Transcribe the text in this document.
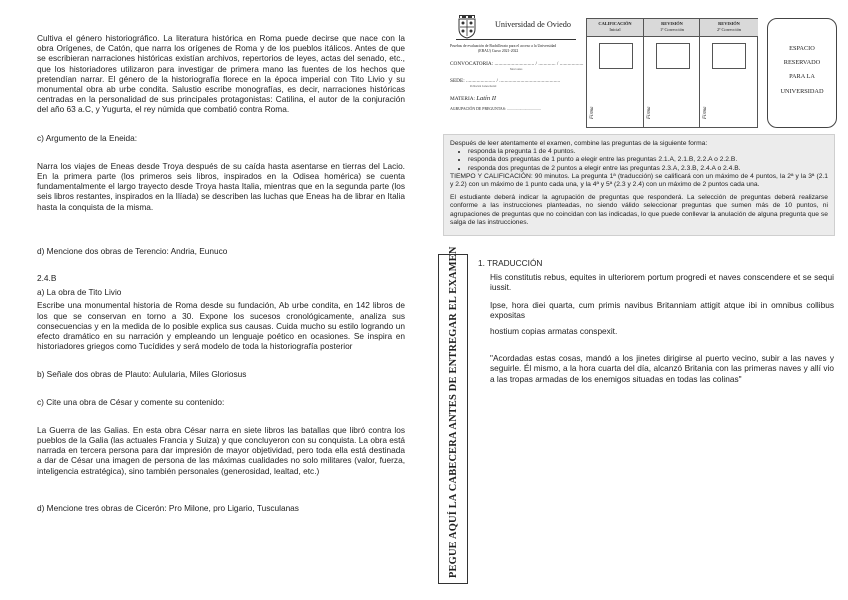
Cultiva el género historiográfico. La literatura histórica en Roma puede decirse que nace con la obra Orígenes, de Catón, que narra los orígenes de Roma y de los pueblos itálicos. Antes de que se escribieran narraciones históricas existían archivos, repertorios de leyes, actas del senado, etc., que los historiadores utilizaron para investigar de primera mano las fuentes de los hechos que pretendían narrar. El género de la historiografía florece en la época imperial con Tito Livio y su monumental obra ab urbe condita. Salustio escribe monografías, es decir, narraciones históricas centradas en la personalidad de sus principales protagonistas: Catilina, el autor de la conjuración del año 63 a.C, y Yugurta, el rey númida que combatió contra Roma.

c) Argumento de la Eneida:

Narra los viajes de Eneas desde Troya después de su caída hasta asentarse en tierras del Lacio. En la primera parte (los primeros seis libros, inspirados en la Odisea homérica) se cuenta fundamentalmente el largo trayecto desde Troya hasta Italia, mientras que en la segunda parte (los seis libros restantes, inspirados en la Ilíada) se describen las luchas que Eneas ha de librar en Italia hasta la conquista de la misma.

d) Mencione dos obras de Terencio: Andria, Eunuco

2.4.B

a) La obra de Tito Livio

Escribe una monumental historia de Roma desde su fundación, Ab urbe condita, en 142 libros de los que se conservan en torno a 30. Expone los sucesos cronológicamente, analiza sus consecuencias y en la medida de lo posible explica sus causas. Cuida mucho su estilo logrando un efecto dramático en su narración y empleando un lenguaje poético en ocasiones. Se inspira en historiadores griegos como Tucídides y será modelo de toda la historiografía posterior

b) Señale dos obras de Plauto: Aulularia, Miles Gloriosus

c) Cite una obra de César y comente su contenido:

La Guerra de las Galias. En esta obra César narra en siete libros las batallas que libró contra los pueblos de la Galia (las actuales Francia y Suiza) y que concluyeron con su conquista. La obra está narrada en tercera persona para dar impresión de mayor objetividad, pero toda ella está destinada a dar de César una imagen de persona de las máximas cualidades no solo militares (valor, fuerza, inteligencia estratégica), sino también personales (generosidad, lealtad, etc.)

d) Mencione tres obras de Cicerón: Pro Milone, pro Ligario, Tusculanas

Universidad de Oviedo
Pruebas de evaluación de Bachillerato para el acceso a la Universidad
(EBAU) Curso 2021-2022
CONVOCATORIA: .............................. / ............. / ..................
Mes Lunes
SEDE: ...................... / ..............................................
Población Lunes/Aulad
MATERIA: Latín II
AGRUPACIÓN DE PREGUNTAS: ...................................
CALIFICACIÓN
Inicial
Firma
REVISIÓN
1ª Corrección
Firma
REVISIÓN
2ª Corrección
Firma
ESPACIO
RESERVADO
PARA LA
UNIVERSIDAD

Después de leer atentamente el examen, combine las preguntas de la siguiente forma:

• responda la pregunta 1 de 4 puntos.
• responda dos preguntas de 1 punto a elegir entre las preguntas 2.1.A, 2.1.B, 2.2.A o 2.2.B.
• responda dos preguntas de 2 puntos a elegir entre las preguntas 2.3.A, 2.3.B, 2.4.A o 2.4.B.

TIEMPO Y CALIFICACIÓN: 90 minutos. La pregunta 1ª (traducción) se calificará con un máximo de 4 puntos, la 2ª y la 3ª (2.1 y 2.2) con un máximo de 1 punto cada una, y la 4ª y 5ª (2.3 y 2.4) con un máximo de 2 puntos cada una.

El estudiante deberá indicar la agrupación de preguntas que responderá. La selección de preguntas deberá realizarse conforme a las instrucciones planteadas, no siendo válido seleccionar preguntas que sumen más de 10 puntos, ni agrupaciones de preguntas que no coincidan con las indicadas, lo que puede conllevar la anulación de alguna pregunta que se salga de las instrucciones.

PEGUE AQUÍ LA CABECERA ANTES DE ENTREGAR EL EXAMEN 1. TRADUCCIÓN

His constitutis rebus, equites in ulteriorem portum progredi et naves conscendere et se sequi iussit.

Ipse, hora diei quarta, cum primis navibus Britanniam attigit atque ibi in omnibus collibus expositas

hostium copias armatas conspexit.

"Acordadas estas cosas, mandó a los jinetes dirigirse al puerto vecino, subir a las naves y seguirle. Él mismo, a la hora cuarta del día, alcanzó Britania con las primeras naves y allí vio a las tropas armadas de los enemigos situadas en todas las colinas"
